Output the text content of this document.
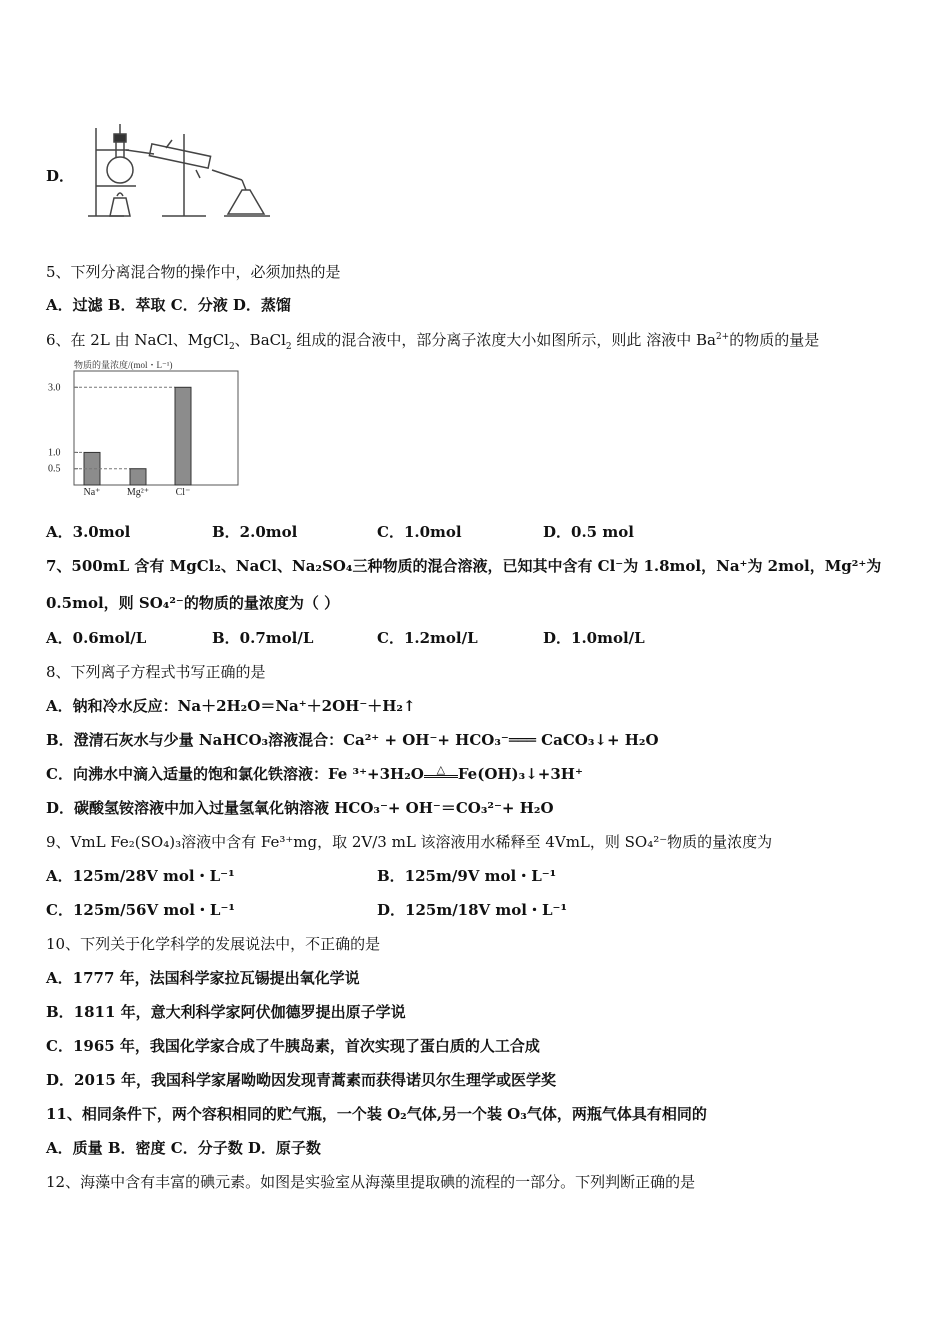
D．
5、下列分离混合物的操作中，必须加热的是
A．过滤 B．萃取 C．分液 D．蒸馏
6、在 2L 由 NaCl、MgCl$_2$、BaCl$_2$ 组成的混合液中，部分离子浓度大小如图所示，则此 溶液中 $Ba^{2+}$的物质的量是
物质的量浓度/(mol・L⁻¹)
3.0
1.0
0.5
Na⁺	Mg²⁺	Cl⁻
A．3.0mol	B．2.0mol	C．1.0mol	D．0.5 mol
7、500mL 含有 MgCl₂、NaCl、Na₂SO₄三种物质的混合溶液，已知其中含有 Cl⁻为 1.8mol，Na⁺为 2mol，Mg²⁺为
0.5mol，则 SO₄²⁻的物质的量浓度为（ ）
A．0.6mol/L	B．0.7mol/L	C．1.2mol/L	D．1.0mol/L
8、下列离子方程式书写正确的是
A．钠和冷水反应：Na＋2H₂O＝Na⁺＋2OH⁻＋H₂↑
B．澄清石灰水与少量 NaHCO₃溶液混合：Ca²⁺ + OH⁻+ HCO₃⁻═══ CaCO₃↓+ H₂O
C．向沸水中滴入适量的饱和氯化铁溶液：Fe ³⁺+3H₂O △ Fe(OH)₃↓+3H⁺
D．碳酸氢铵溶液中加入过量氢氧化钠溶液 HCO₃⁻+ OH⁻＝CO₃²⁻+ H₂O
9、VmL Fe₂(SO₄)₃溶液中含有 Fe³⁺mg，取 2V/3 mL 该溶液用水稀释至 4VmL，则 SO₄²⁻物质的量浓度为
A．125m/28V mol・L⁻¹	B．125m/9V mol・L⁻¹
C．125m/56V mol・L⁻¹	D．125m/18V mol・L⁻¹
10、下列关于化学科学的发展说法中，不正确的是
A．1777 年，法国科学家拉瓦锡提出氧化学说
B．1811 年，意大利科学家阿伏伽德罗提出原子学说
C．1965 年，我国化学家合成了牛胰岛素，首次实现了蛋白质的人工合成
D．2015 年，我国科学家屠呦呦因发现青蒿素而获得诺贝尔生理学或医学奖
11、相同条件下，两个容积相同的贮气瓶，一个装 O₂气体,另一个装 O₃气体，两瓶气体具有相同的
A．质量 B．密度 C．分子数 D．原子数
12、海藻中含有丰富的碘元素。如图是实验室从海藻里提取碘的流程的一部分。下列判断正确的是
